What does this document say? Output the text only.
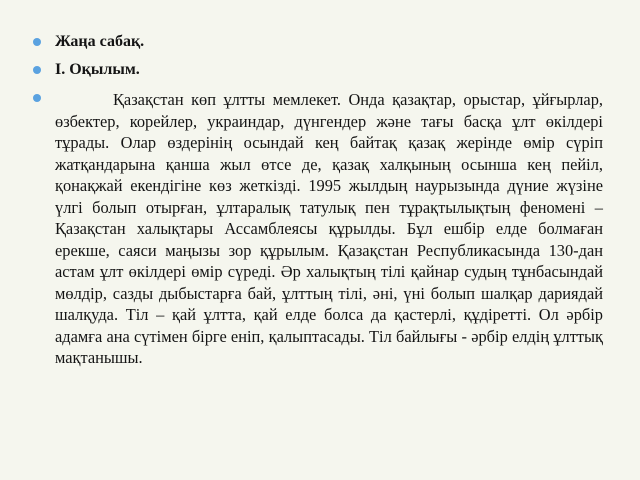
Жаңа сабақ.
І. Оқылым.

Қазақстан көп ұлтты мемлекет. Онда қазақтар, орыстар, ұйғырлар, өзбектер, корейлер, украиндар, дүнгендер және тағы басқа ұлт өкілдері тұрады. Олар өздерінің осындай кең байтақ қазақ жерінде өмір сүріп жатқандарына қанша жыл өтсе де, қазақ халқының осынша кең пейіл, қонақжай екендігіне көз жеткізді. 1995 жылдың наурызында дүние жүзіне үлгі болып отырған, ұлтаралық татулық пен тұрақтылықтың феномені – Қазақстан халықтары Ассамблеясы құрылды. Бұл ешбір елде болмаған ерекше, саяси маңызы зор құрылым. Қазақстан Республикасында 130-дан астам ұлт өкілдері өмір сүреді. Әр халықтың тілі қайнар судың тұнбасындай мөлдір, сазды дыбыстарға бай, ұлттың тілі, әні, үні болып шалқар дариядай шалқуда. Тіл – қай ұлтта, қай елде болса да қастерлі, құдіретті. Ол әрбір адамға ана сүтімен бірге еніп, қалыптасады. Тіл байлығы - әрбір елдің ұлттық мақтанышы.
